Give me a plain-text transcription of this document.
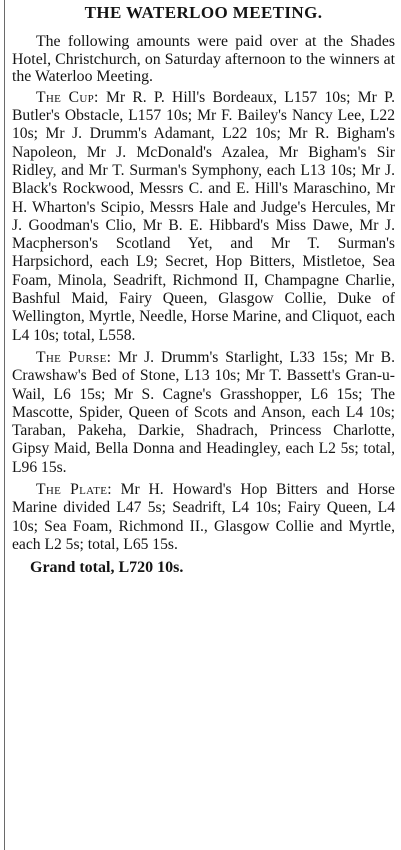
THE WATERLOO MEETING.

The following amounts were paid over at the Shades Hotel, Christchurch, on Saturday afternoon to the winners at the Waterloo Meeting.

The Cup: Mr R. P. Hill's Bordeaux, L157 10s; Mr P. Butler's Obstacle, L157 10s; Mr F. Bailey's Nancy Lee, L22 10s; Mr J. Drumm's Adamant, L22 10s; Mr R. Bigham's Napoleon, Mr J. McDonald's Azalea, Mr Bigham's Sir Ridley, and Mr T. Surman's Symphony, each L13 10s; Mr J. Black's Rockwood, Messrs C. and E. Hill's Maraschino, Mr H. Wharton's Scipio, Messrs Hale and Judge's Hercules, Mr J. Goodman's Clio, Mr B. E. Hibbard's Miss Dawe, Mr J. Macpherson's Scotland Yet, and Mr T. Surman's Harpsichord, each L9; Secret, Hop Bitters, Mistletoe, Sea Foam, Minola, Seadrift, Richmond II, Champagne Charlie, Bashful Maid, Fairy Queen, Glasgow Collie, Duke of Wellington, Myrtle, Needle, Horse Marine, and Cliquot, each L4 10s; total, L558.

The Purse: Mr J. Drumm's Starlight, L33 15s; Mr B. Crawshaw's Bed of Stone, L13 10s; Mr T. Bassett's Gran-u-Wail, L6 15s; Mr S. Cagne's Grasshopper, L6 15s; The Mascotte, Spider, Queen of Scots and Anson, each L4 10s; Taraban, Pakeha, Darkie, Shadrach, Princess Charlotte, Gipsy Maid, Bella Donna and Headingley, each L2 5s; total, L96 15s.

The Plate: Mr H. Howard's Hop Bitters and Horse Marine divided L47 5s; Seadrift, L4 10s; Fairy Queen, L4 10s; Sea Foam, Richmond II., Glasgow Collie and Myrtle, each L2 5s; total, L65 15s.

Grand total, L720 10s.
